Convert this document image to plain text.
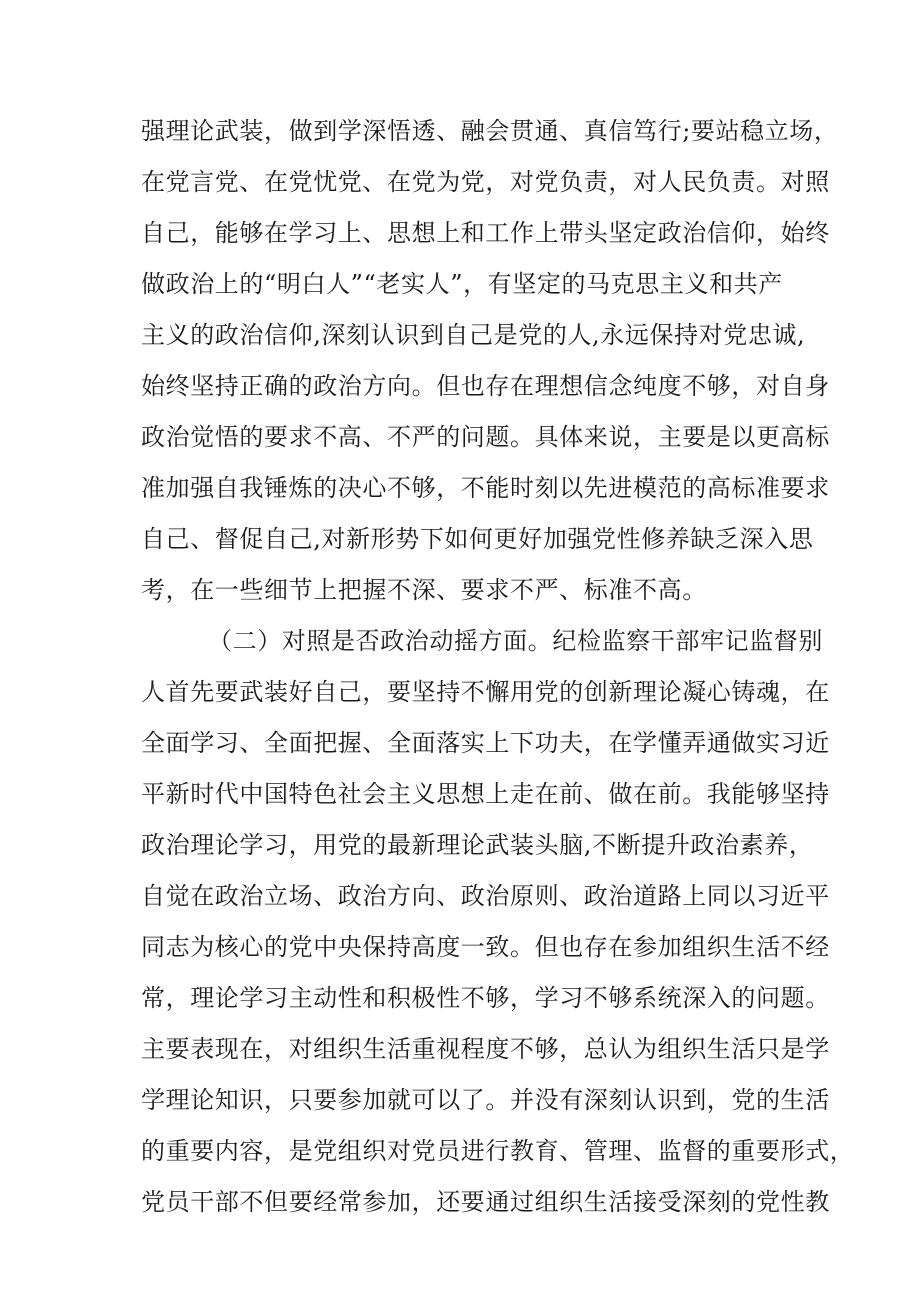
强理论武装，做到学深悟透、融会贯通、真信笃行;要站稳立场，
在党言党、在党忧党、在党为党，对党负责，对人民负责。对照
自己，能够在学习上、思想上和工作上带头坚定政治信仰，始终
做政治上的“明白人”“老实人”，有坚定的马克思主义和共产
主义的政治信仰,深刻认识到自己是党的人,永远保持对党忠诚,
始终坚持正确的政治方向。但也存在理想信念纯度不够，对自身
政治觉悟的要求不高、不严的问题。具体来说，主要是以更高标
准加强自我锤炼的决心不够，不能时刻以先进模范的高标准要求
自己、督促自己,对新形势下如何更好加强党性修养缺乏深入思
考，在一些细节上把握不深、要求不严、标准不高。
（二）对照是否政治动摇方面。纪检监察干部牢记监督别
人首先要武装好自己，要坚持不懈用党的创新理论凝心铸魂，在
全面学习、全面把握、全面落实上下功夫，在学懂弄通做实习近
平新时代中国特色社会主义思想上走在前、做在前。我能够坚持
政治理论学习，用党的最新理论武装头脑,不断提升政治素养，
自觉在政治立场、政治方向、政治原则、政治道路上同以习近平
同志为核心的党中央保持高度一致。但也存在参加组织生活不经
常，理论学习主动性和积极性不够，学习不够系统深入的问题。
主要表现在，对组织生活重视程度不够，总认为组织生活只是学
学理论知识，只要参加就可以了。并没有深刻认识到，党的生活
的重要内容，是党组织对党员进行教育、管理、监督的重要形式，
党员干部不但要经常参加，还要通过组织生活接受深刻的党性教
